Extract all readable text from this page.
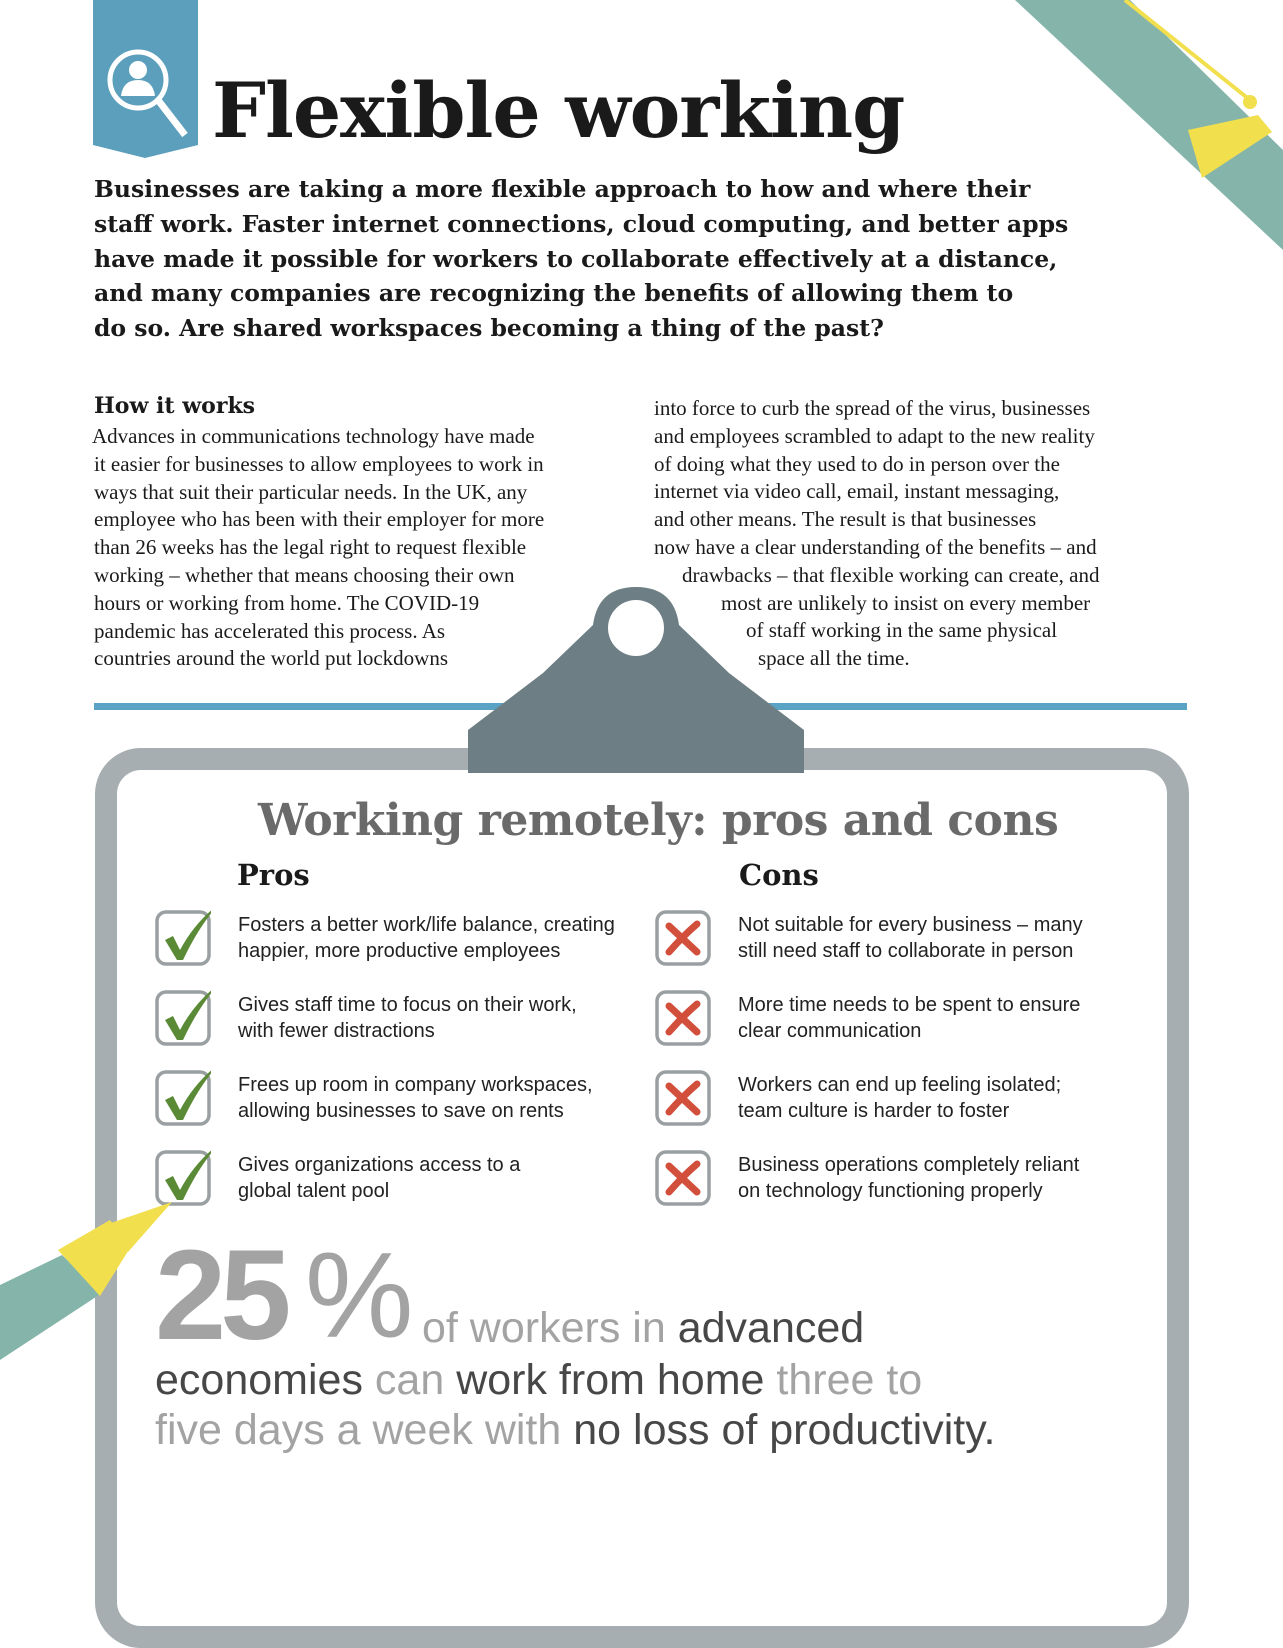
Flexible working
Businesses are taking a more flexible approach to how and where their
staff work. Faster internet connections, cloud computing, and better apps
have made it possible for workers to collaborate effectively at a distance,
and many companies are recognizing the benefits of allowing them to
do so. Are shared workspaces becoming a thing of the past?
How it works
Advances in communications technology have made
it easier for businesses to allow employees to work in
ways that suit their particular needs. In the UK, any
employee who has been with their employer for more
than 26 weeks has the legal right to request flexible
working – whether that means choosing their own
hours or working from home. The COVID-19
pandemic has accelerated this process. As
countries around the world put lockdowns
into force to curb the spread of the virus, businesses
and employees scrambled to adapt to the new reality
of doing what they used to do in person over the
internet via video call, email, instant messaging,
and other means. The result is that businesses
now have a clear understanding of the benefits – and
drawbacks – that flexible working can create, and
most are unlikely to insist on every member
of staff working in the same physical
space all the time.
Working remotely: pros and cons
Pros	Cons
Fosters a better work/life balance, creating
happier, more productive employees
Gives staff time to focus on their work,
with fewer distractions
Frees up room in company workspaces,
allowing businesses to save on rents
Gives organizations access to a
global talent pool
Not suitable for every business – many
still need staff to collaborate in person
More time needs to be spent to ensure
clear communication
Workers can end up feeling isolated;
team culture is harder to foster
Business operations completely reliant
on technology functioning properly
25 % of workers in advanced
economies can work from home three to
five days a week with no loss of productivity.
